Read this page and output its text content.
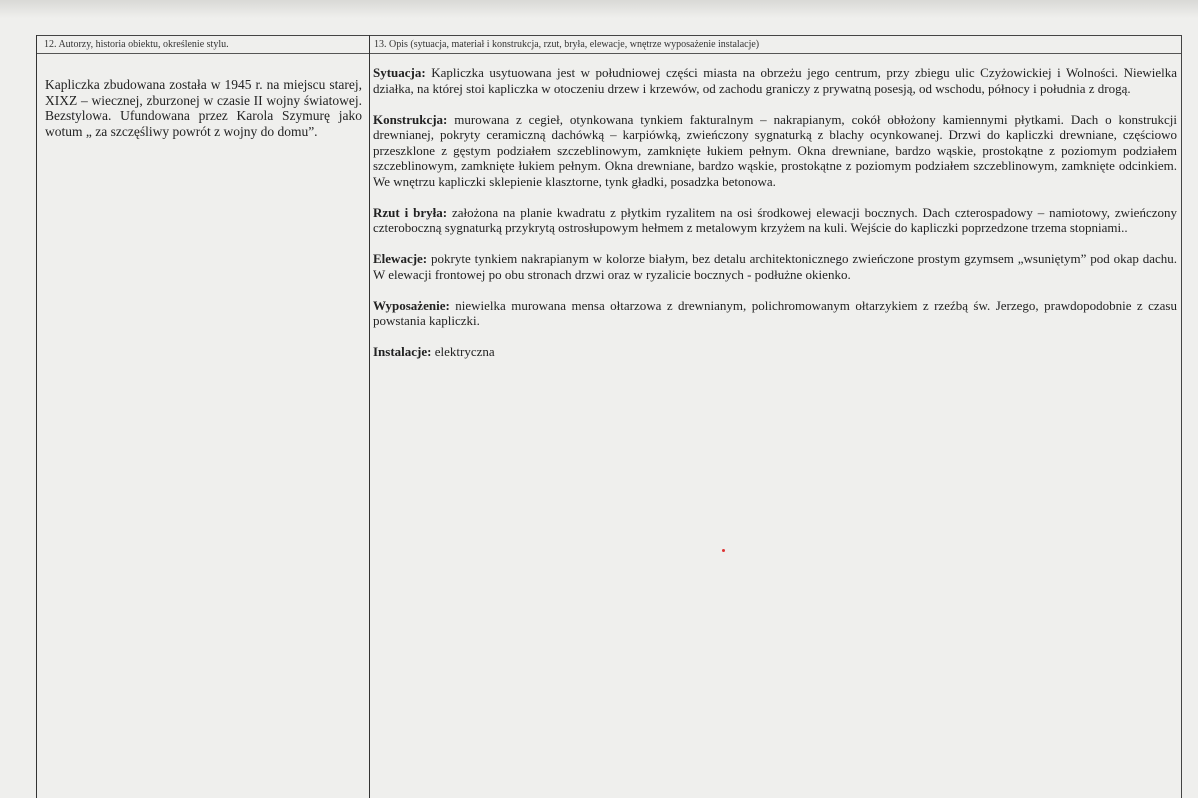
12. Autorzy, historia obiektu, określenie stylu.	13. Opis (sytuacja, materiał i konstrukcja, rzut, bryła, elewacje, wnętrze wyposażenie instalacje)
Kapliczka zbudowana została w 1945 r. na miejscu starej, XIXZ – wiecznej, zburzonej w czasie II wojny światowej. Bezstylowa. Ufundowana przez Karola Szymurę jako wotum „ za szczęśliwy powrót z wojny do domu”.

Sytuacja: Kapliczka usytuowana jest w południowej części miasta na obrzeżu jego centrum, przy zbiegu ulic Czyżowickiej i Wolności. Niewielka działka, na której stoi kapliczka w otoczeniu drzew i krzewów, od zachodu graniczy z prywatną posesją, od wschodu, północy i południa z drogą.

Konstrukcja: murowana z cegieł, otynkowana tynkiem fakturalnym – nakrapianym, cokół obłożony kamiennymi płytkami. Dach o konstrukcji drewnianej, pokryty ceramiczną dachówką – karpiówką, zwieńczony sygnaturką z blachy ocynkowanej. Drzwi do kapliczki drewniane, częściowo przeszklone z gęstym podziałem szczeblinowym, zamknięte łukiem pełnym. Okna drewniane, bardzo wąskie, prostokątne z poziomym podziałem szczeblinowym, zamknięte łukiem pełnym. Okna drewniane, bardzo wąskie, prostokątne z poziomym podziałem szczeblinowym, zamknięte odcinkiem. We wnętrzu kapliczki sklepienie klasztorne, tynk gładki, posadzka betonowa.

Rzut i bryła: założona na planie kwadratu z płytkim ryzalitem na osi środkowej elewacji bocznych. Dach czterospadowy – namiotowy, zwieńczony czteroboczną sygnaturką przykrytą ostrosłupowym hełmem z metalowym krzyżem na kuli. Wejście do kapliczki poprzedzone trzema stopniami..

Elewacje: pokryte tynkiem nakrapianym w kolorze białym, bez detalu architektonicznego zwieńczone prostym gzymsem „wsuniętym” pod okap dachu. W elewacji frontowej po obu stronach drzwi oraz w ryzalicie bocznych - podłużne okienko.

Wyposażenie: niewielka murowana mensa ołtarzowa z drewnianym, polichromowanym ołtarzykiem z rzeźbą św. Jerzego, prawdopodobnie z czasu powstania kapliczki.

Instalacje: elektryczna
